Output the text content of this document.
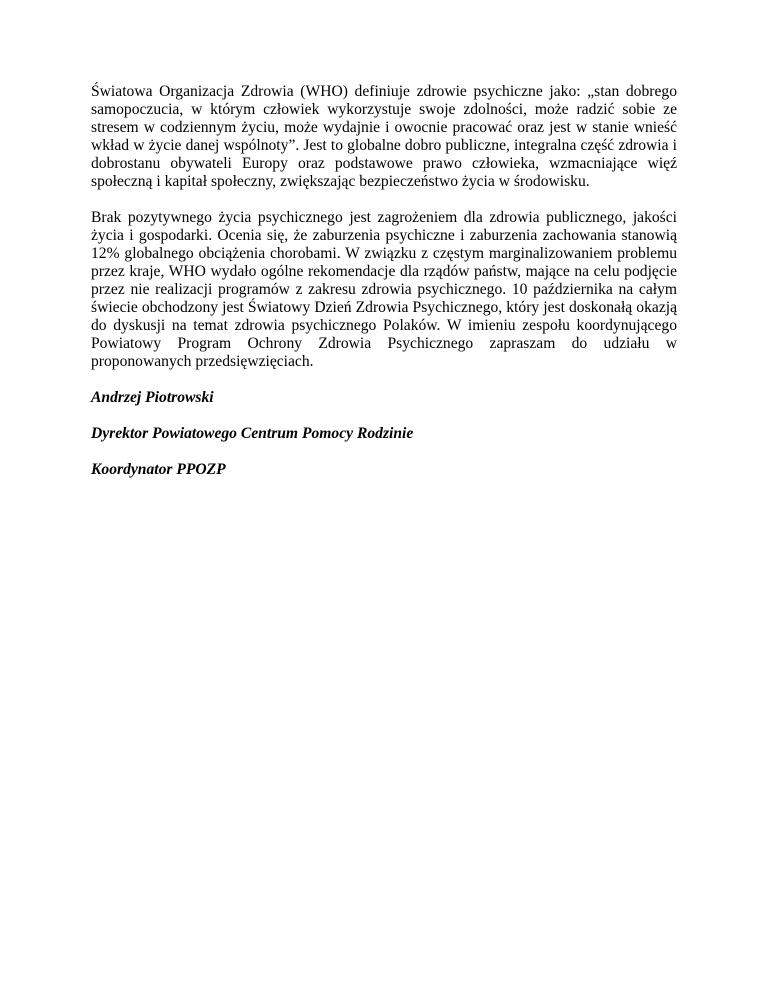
Światowa Organizacja Zdrowia (WHO) definiuje zdrowie psychiczne jako: „stan dobrego samopoczucia, w którym człowiek wykorzystuje swoje zdolności, może radzić sobie ze stresem w codziennym życiu, może wydajnie i owocnie pracować oraz jest w stanie wnieść wkład w życie danej wspólnoty”. Jest to globalne dobro publiczne, integralna część zdrowia i dobrostanu obywateli Europy oraz podstawowe prawo człowieka, wzmacniające więź społeczną i kapitał społeczny, zwiększając bezpieczeństwo życia w środowisku.

Brak pozytywnego życia psychicznego jest zagrożeniem dla zdrowia publicznego, jakości życia i gospodarki. Ocenia się, że zaburzenia psychiczne i zaburzenia zachowania stanowią 12% globalnego obciążenia chorobami. W związku z częstym marginalizowaniem problemu przez kraje, WHO wydało ogólne rekomendacje dla rządów państw, mające na celu podjęcie przez nie realizacji programów z zakresu zdrowia psychicznego. 10 października na całym świecie obchodzony jest Światowy Dzień Zdrowia Psychicznego, który jest doskonałą okazją do dyskusji na temat zdrowia psychicznego Polaków. W imieniu zespołu koordynującego Powiatowy Program Ochrony Zdrowia Psychicznego zapraszam do udziału w proponowanych przedsięwzięciach.

Andrzej Piotrowski

Dyrektor Powiatowego Centrum Pomocy Rodzinie

Koordynator PPOZP
